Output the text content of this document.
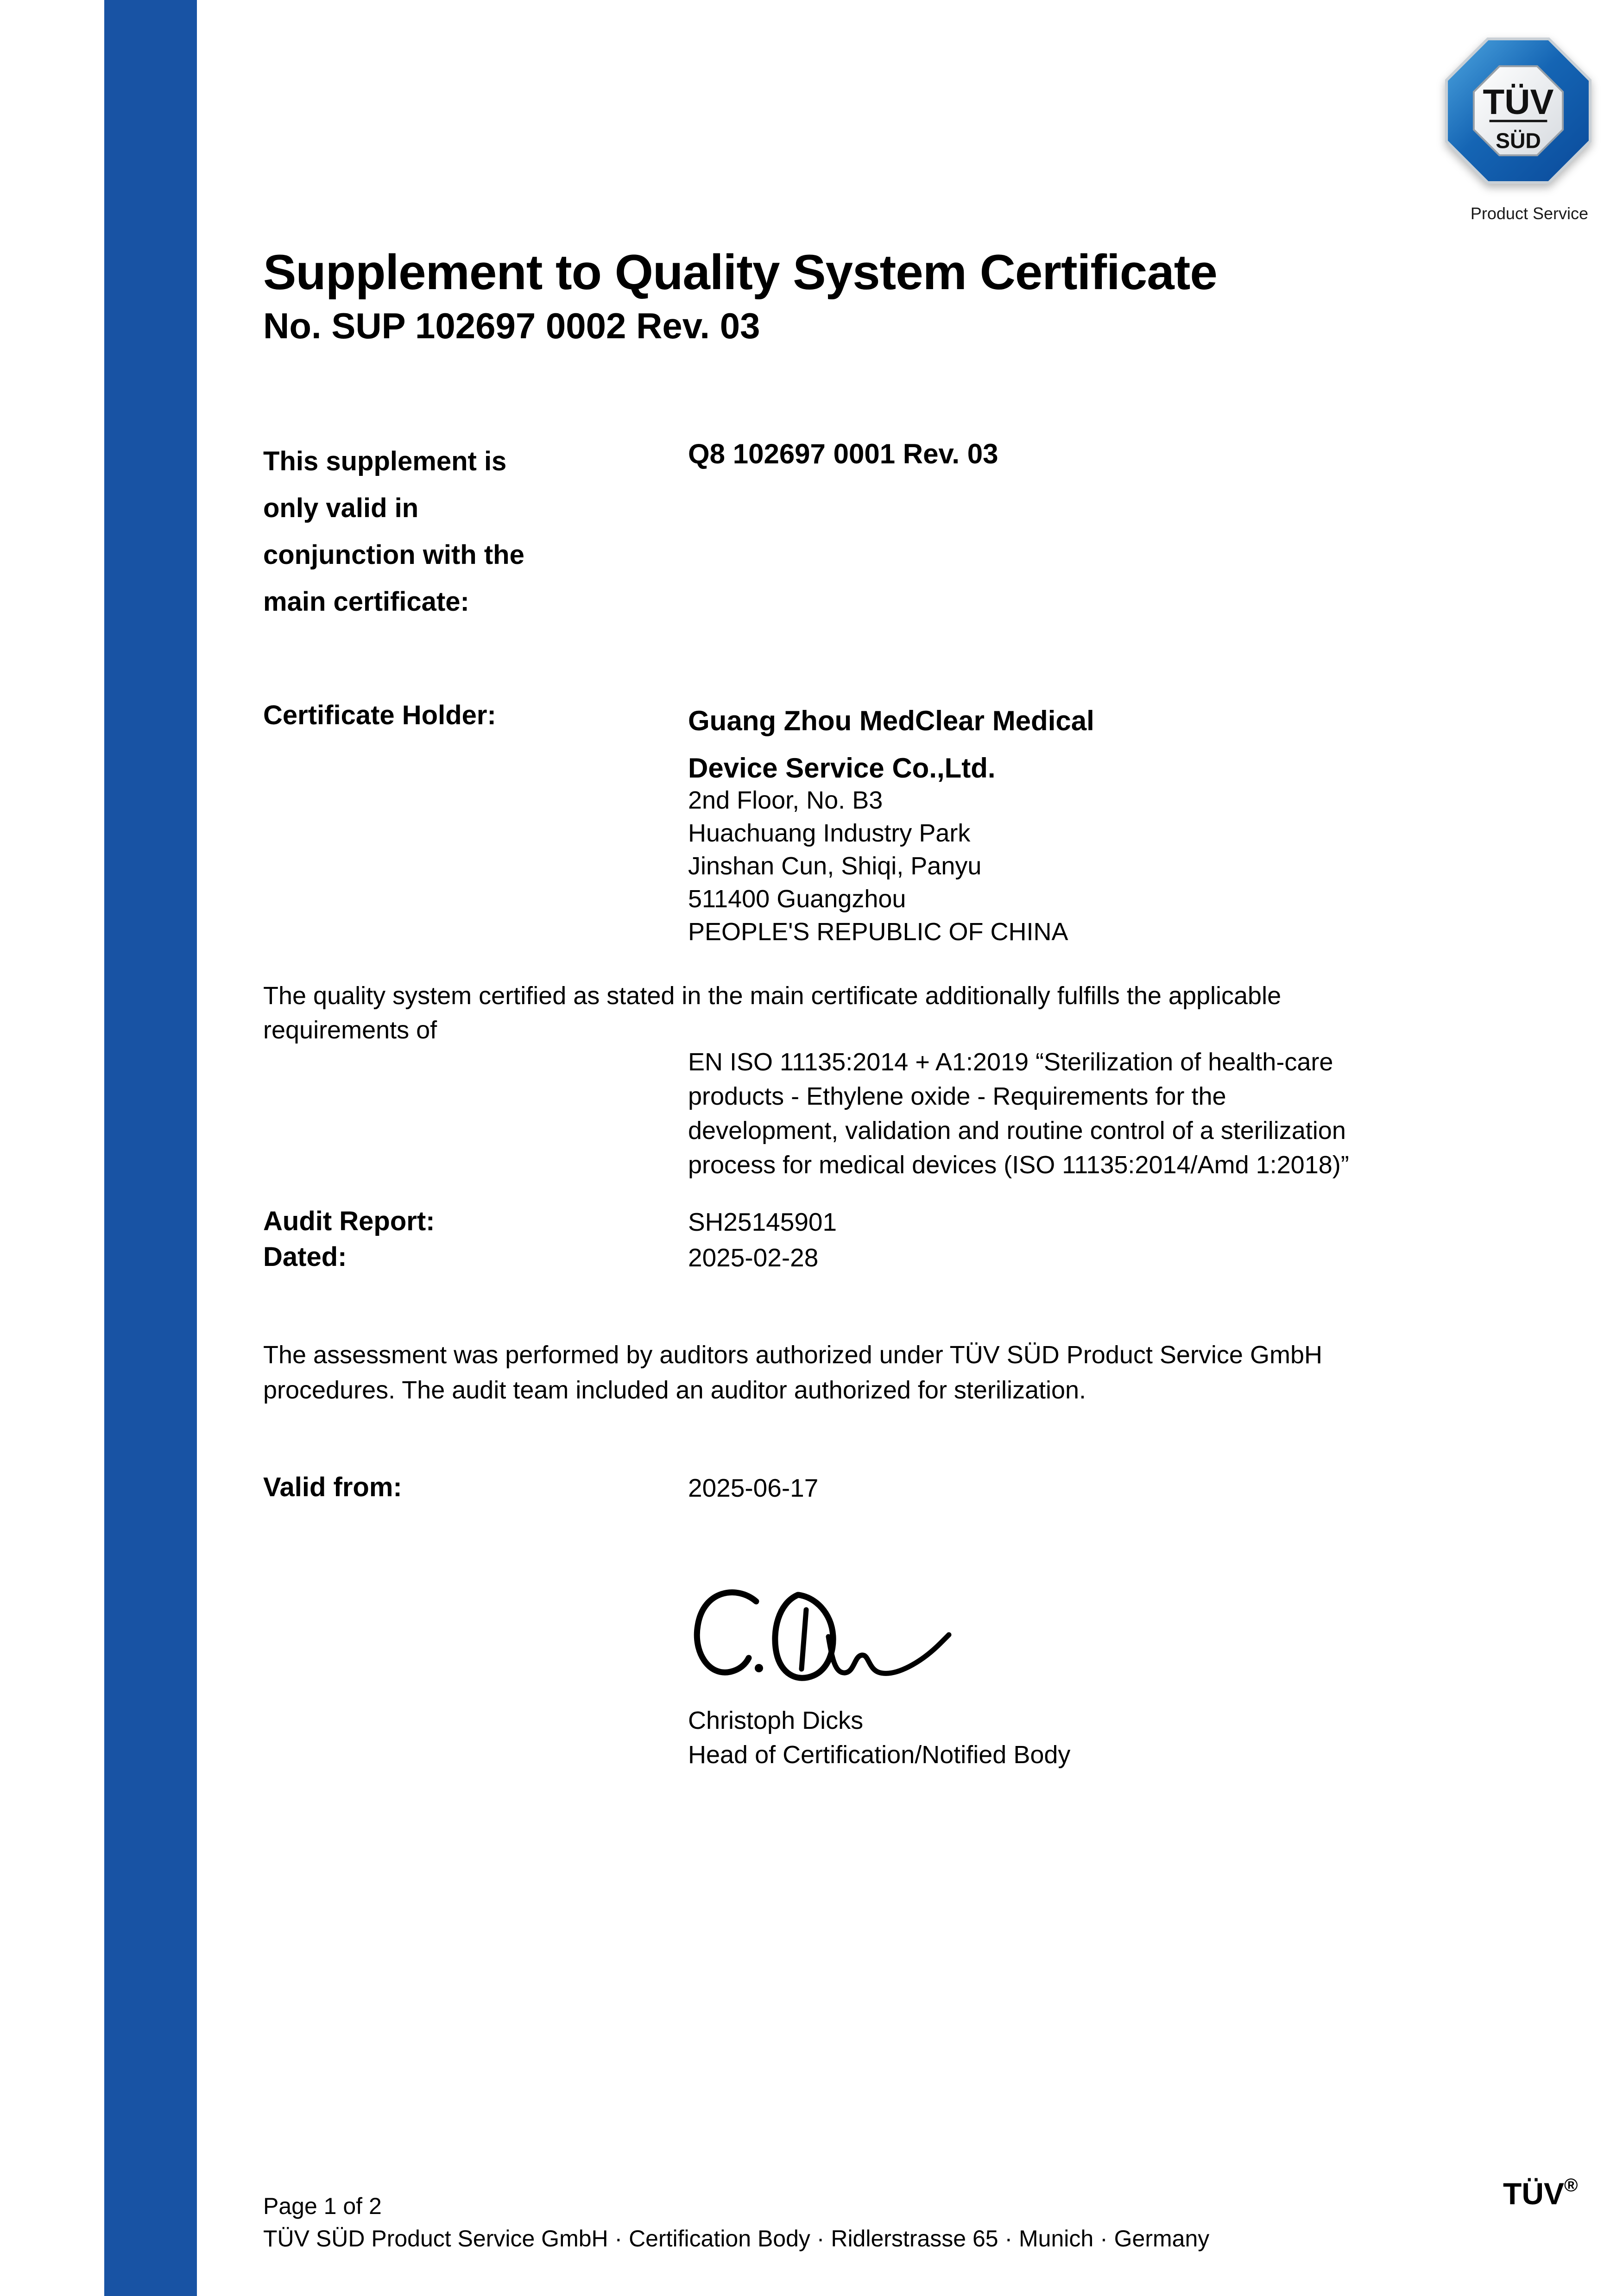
ZERTIFIKAT ◆ CERTIFICATE ◆ 認證證書 ◆ СЕРТИФИКАТ ◆ CERTIFICADO ◆ CERTIFICAT
TÜV
SÜD
Product Service
Supplement to Quality System Certificate
No. SUP 102697 0002 Rev. 03
This supplement is
only valid in
conjunction with the
main certificate:
Q8 102697 0001 Rev. 03
Certificate Holder:	Guang Zhou MedClear Medical
Device Service Co.,Ltd.
2nd Floor, No. B3
Huachuang Industry Park
Jinshan Cun, Shiqi, Panyu
511400 Guangzhou
PEOPLE'S REPUBLIC OF CHINA
The quality system certified as stated in the main certificate additionally fulfills the applicable
requirements of
EN ISO 11135:2014 + A1:2019 “Sterilization of health-care
products - Ethylene oxide - Requirements for the
development, validation and routine control of a sterilization
process for medical devices (ISO 11135:2014/Amd 1:2018)”
Audit Report:	SH25145901
Dated:	2025-02-28
The assessment was performed by auditors authorized under TÜV SÜD Product Service GmbH
procedures. The audit team included an auditor authorized for sterilization.
Valid from:	2025-06-17
Christoph Dicks
Head of Certification/Notified Body
Page 1 of 2
TÜV SÜD Product Service GmbH · Certification Body · Ridlerstrasse 65 · Munich · Germany
TÜV®
